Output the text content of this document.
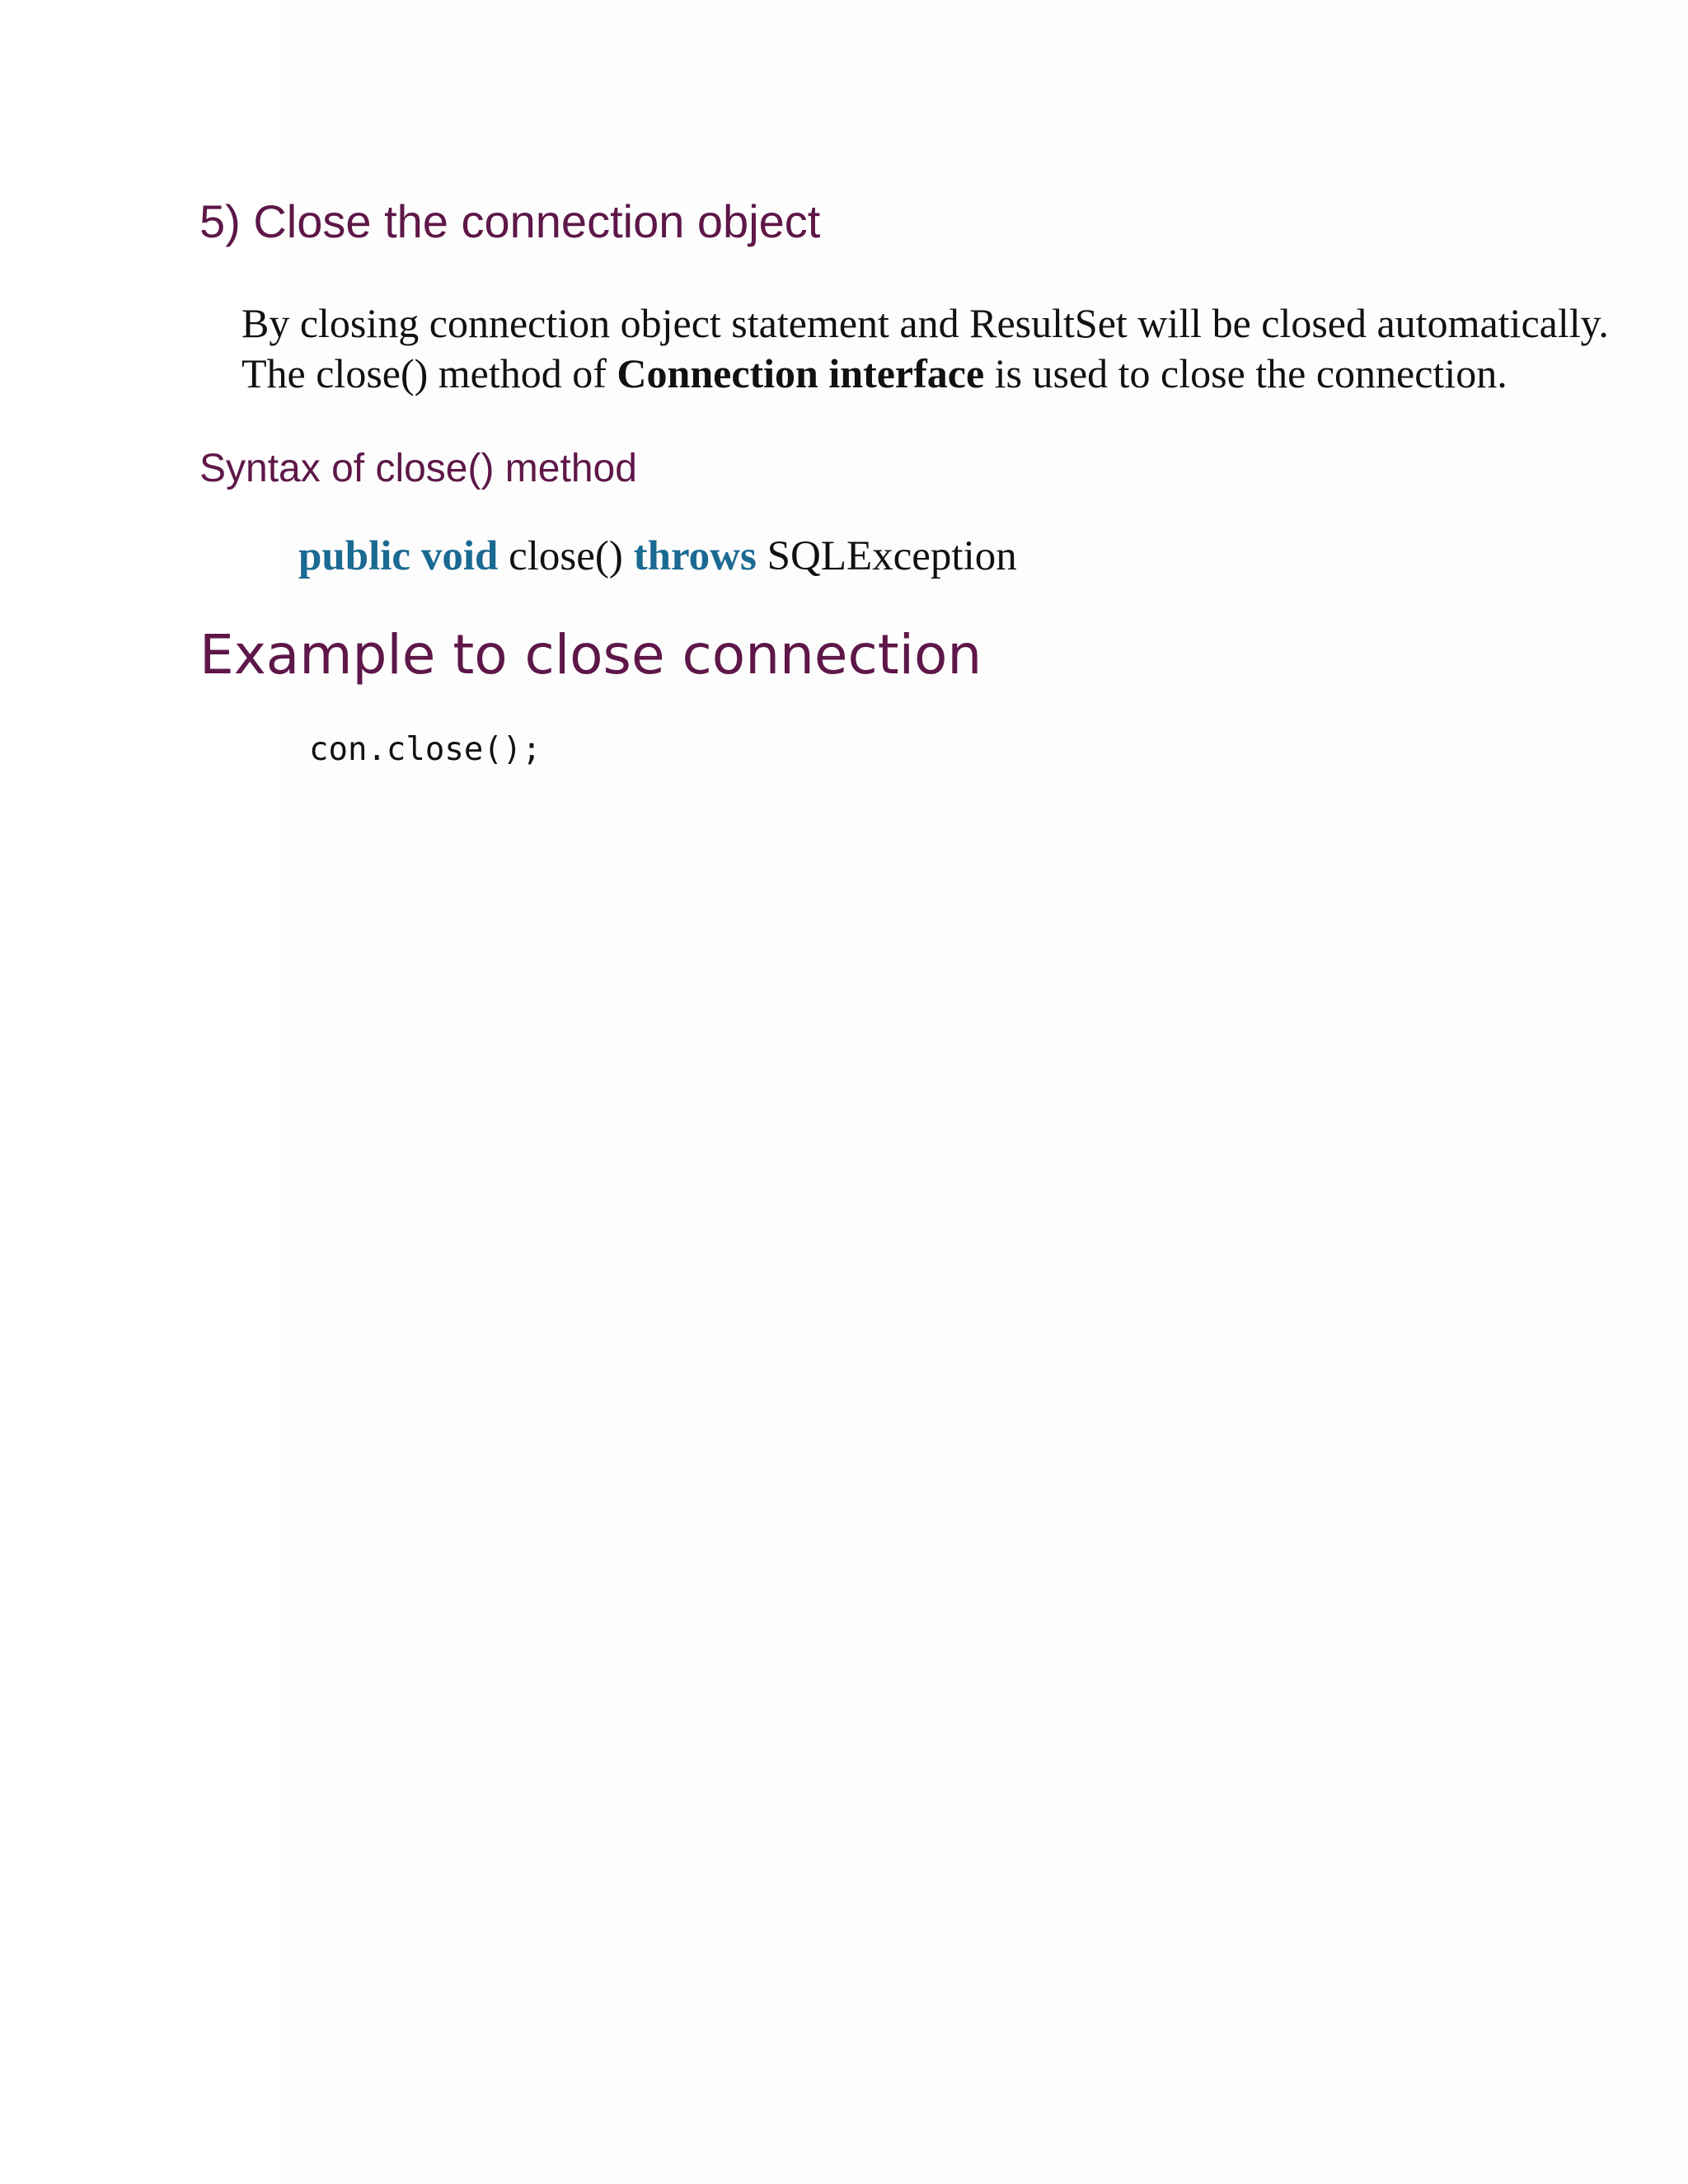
5) Close the connection object

By closing connection object statement and ResultSet will be closed automatically.

The close() method of Connection interface is used to close the connection.

Syntax of close() method
public void close() throws SQLException
Example to close connection
con.close();
